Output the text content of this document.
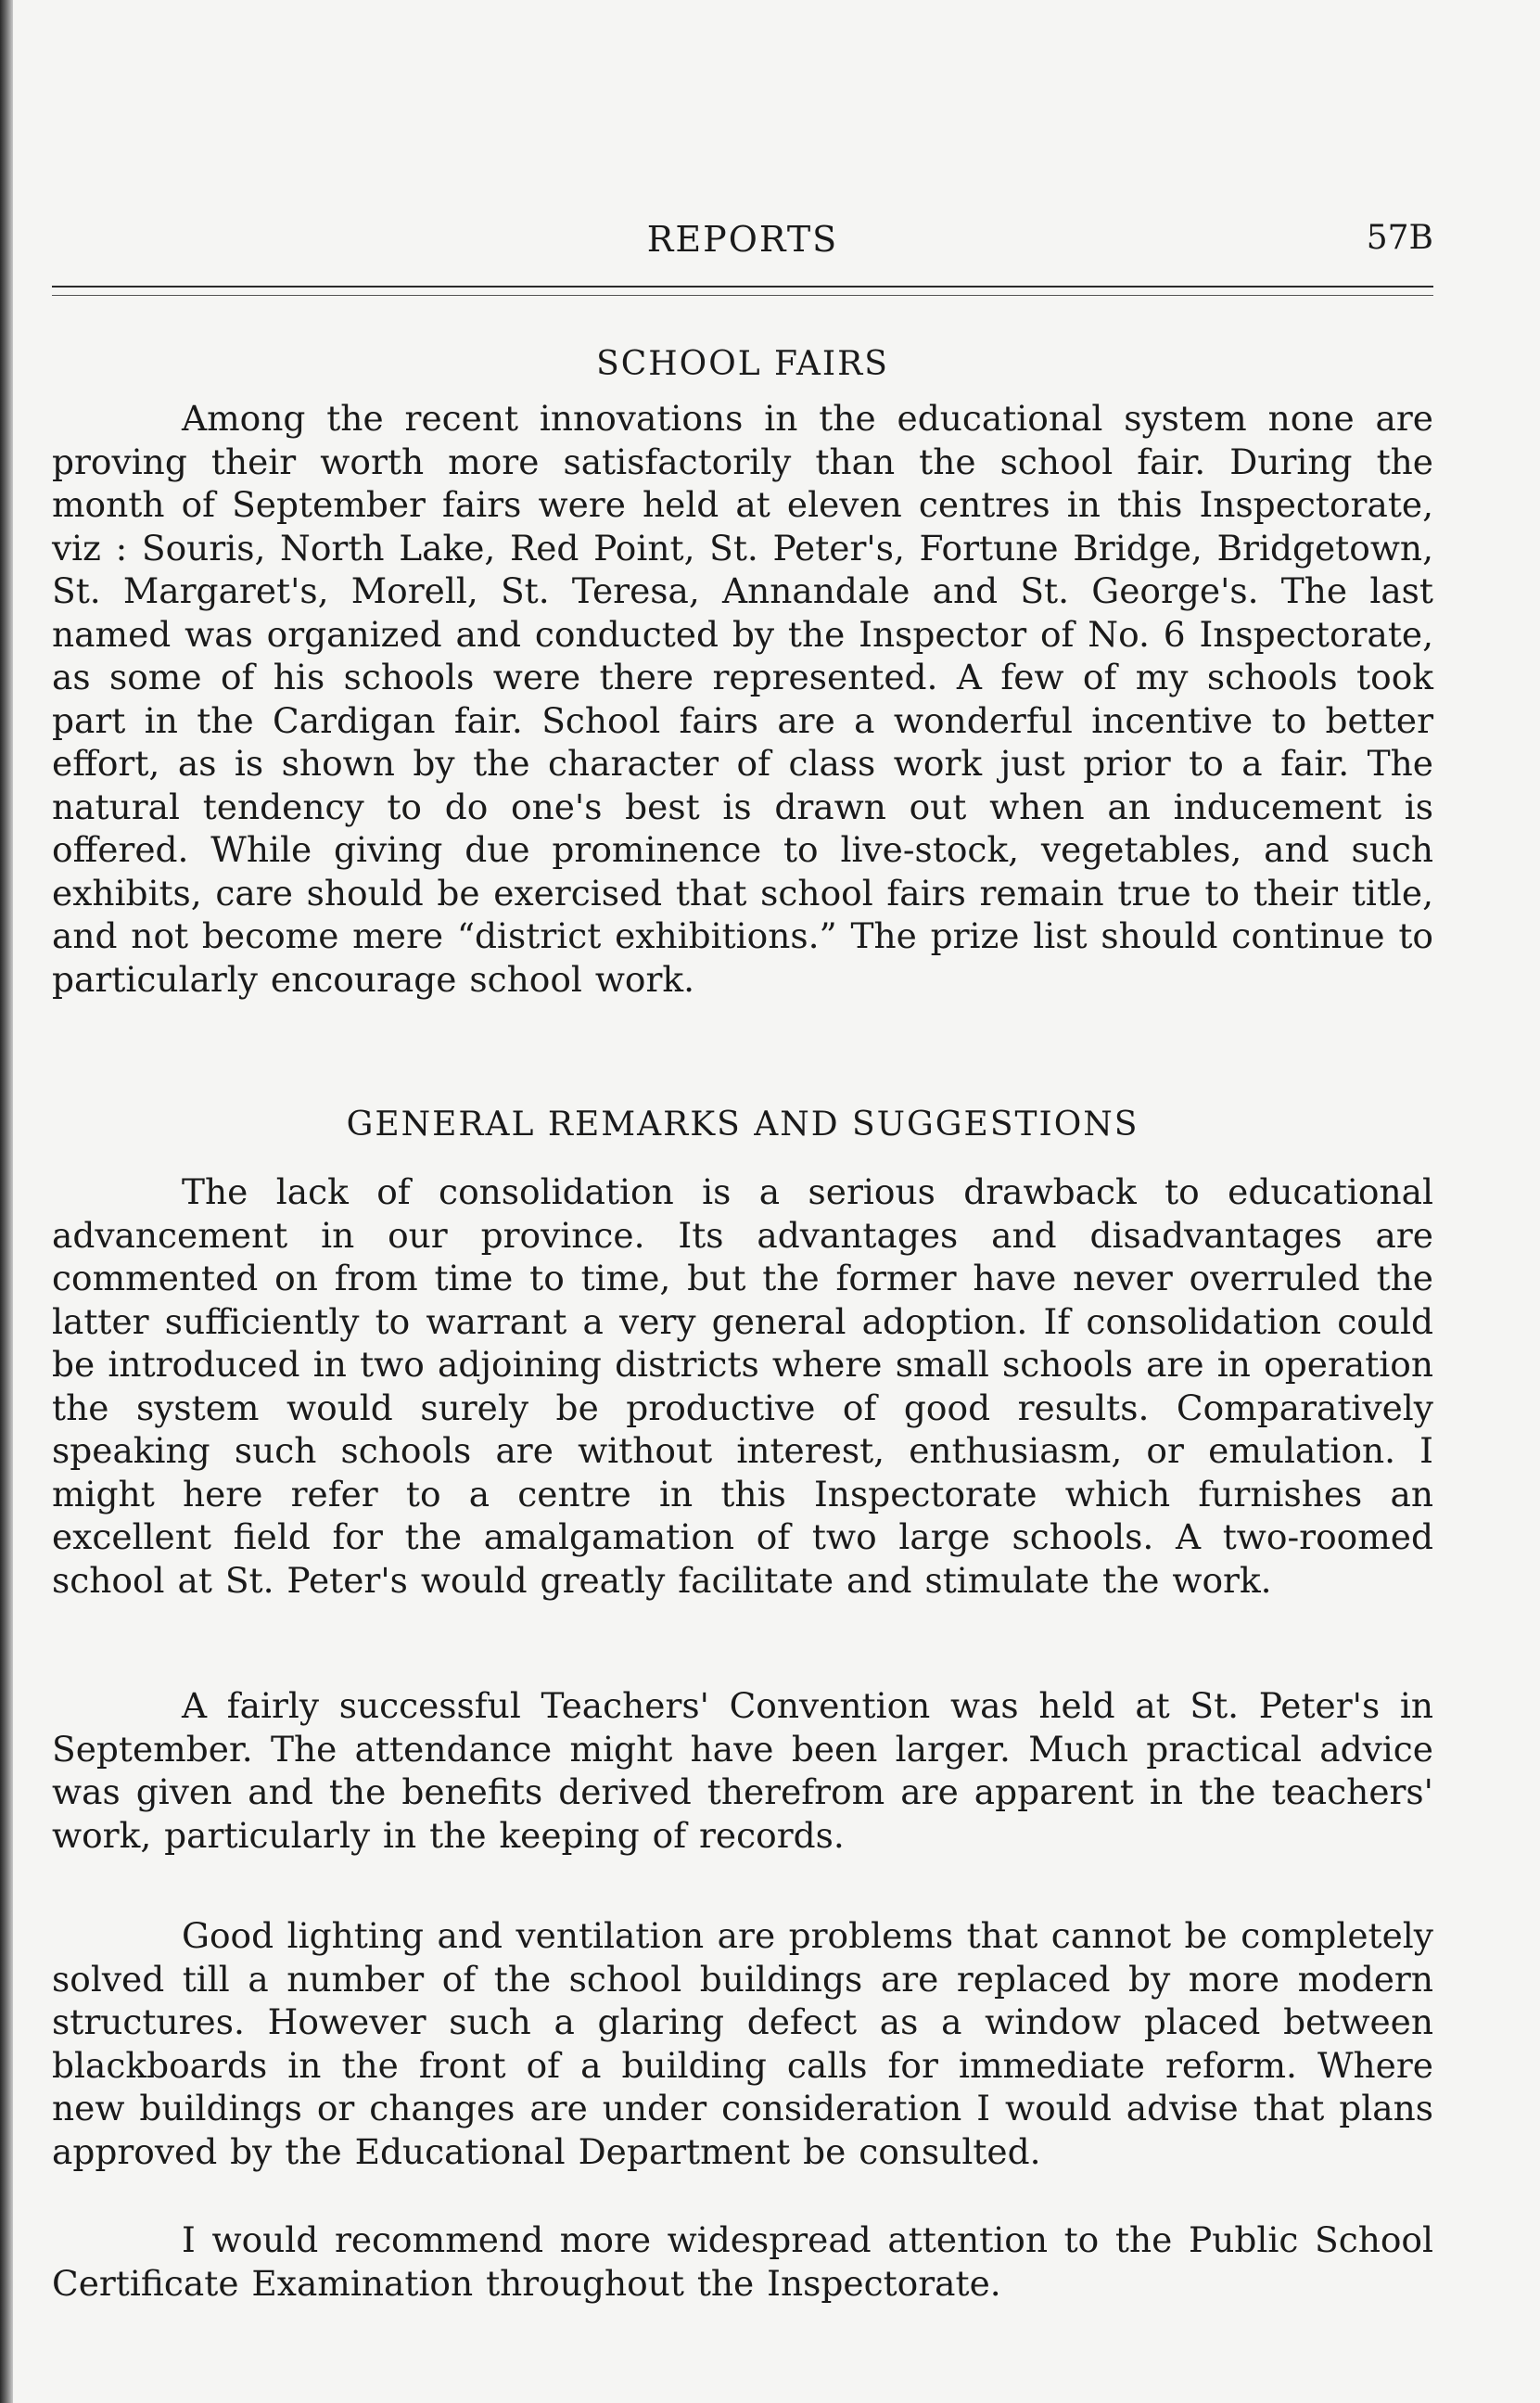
REPORTS	57B
SCHOOL FAIRS

Among the recent innovations in the educational system none are proving their worth more satisfactorily than the school fair. During the month of September fairs were held at eleven centres in this Inspectorate, viz : Souris, North Lake, Red Point, St. Peter's, Fortune Bridge, Bridgetown, St. Margaret's, Morell, St. Teresa, Annandale and St. George's. The last named was organized and conducted by the Inspector of No. 6 Inspectorate, as some of his schools were there represented. A few of my schools took part in the Cardigan fair. School fairs are a wonderful incentive to better effort, as is shown by the character of class work just prior to a fair. The natural tendency to do one's best is drawn out when an inducement is offered. While giving due prominence to live-stock, vegetables, and such exhibits, care should be exercised that school fairs remain true to their title, and not become mere “district exhibitions.” The prize list should continue to particularly encourage school work.

GENERAL REMARKS AND SUGGESTIONS

The lack of consolidation is a serious drawback to educational advancement in our province. Its advantages and disadvantages are commented on from time to time, but the former have never overruled the latter sufficiently to warrant a very general adoption. If consolidation could be introduced in two adjoining districts where small schools are in operation the system would surely be productive of good results. Comparatively speaking such schools are without interest, enthusiasm, or emulation. I might here refer to a centre in this Inspectorate which furnishes an excellent field for the amalgamation of two large schools. A two-roomed school at St. Peter's would greatly facilitate and stimulate the work.

A fairly successful Teachers' Convention was held at St. Peter's in September. The attendance might have been larger. Much practical advice was given and the benefits derived therefrom are apparent in the teachers' work, particularly in the keeping of records.

Good lighting and ventilation are problems that cannot be completely solved till a number of the school buildings are replaced by more modern structures. However such a glaring defect as a window placed between blackboards in the front of a building calls for immediate reform. Where new buildings or changes are under consideration I would advise that plans approved by the Educational Department be consulted.

I would recommend more widespread attention to the Public School Certificate Examination throughout the Inspectorate.
